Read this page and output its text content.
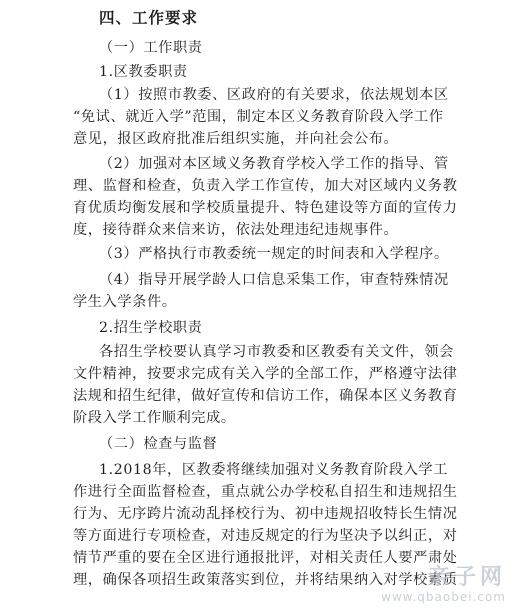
四、工作要求
（一）工作职责
1.区教委职责
（1）按照市教委、区政府的有关要求，依法规划本区
“免试、就近入学”范围，制定本区义务教育阶段入学工作
意见，报区政府批准后组织实施，并向社会公布。
（2）加强对本区域义务教育学校入学工作的指导、管
理、监督和检查，负责入学工作宣传，加大对区域内义务教
育优质均衡发展和学校质量提升、特色建设等方面的宣传力
度，接待群众来信来访，依法处理违纪违规事件。
（3）严格执行市教委统一规定的时间表和入学程序。
（4）指导开展学龄人口信息采集工作，审查特殊情况
学生入学条件。
2.招生学校职责
各招生学校要认真学习市教委和区教委有关文件，领会
文件精神，按要求完成有关入学的全部工作，严格遵守法律
法规和招生纪律，做好宣传和信访工作，确保本区义务教育
阶段入学工作顺利完成。
（二）检查与监督
1.2018年，区教委将继续加强对义务教育阶段入学工
作进行全面监督检查，重点就公办学校私自招生和违规招生
行为、无序跨片流动乱择校行为、初中违规招收特长生情况
等方面进行专项检查，对违反规定的行为坚决予以纠正，对
情节严重的要在全区进行通报批评，对相关责任人要严肃处
理，确保各项招生政策落实到位，并将结果纳入对学校素质
亲子网
www.qbaobei.com
